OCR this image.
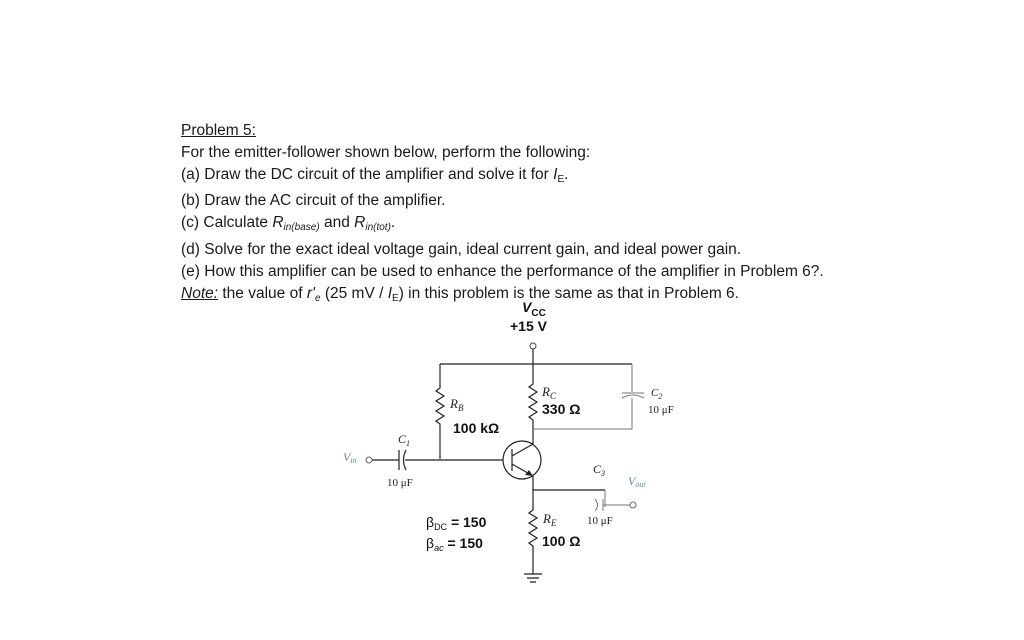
Problem 5:
For the emitter-follower shown below, perform the following:
(a) Draw the DC circuit of the amplifier and solve it for $I_E$.
(b) Draw the AC circuit of the amplifier.
(c) Calculate $R_{in(base)}$ and $R_{in(tot)}$.
(d) Solve for the exact ideal voltage gain, ideal current gain, and ideal power gain.
(e) How this amplifier can be used to enhance the performance of the amplifier in Problem 6?.
Note: the value of $r'_e$ (25 mV / $I_E$) in this problem is the same as that in Problem 6.
$V_{CC}$
+15 V
$R_B$
100 kΩ
$R_C$
330 Ω
$C_2$
10 μF
Vin
$C_1$
10 μF
$R_E$
100 Ω
$C_3$
Vout
10 μF
$\beta_{DC} = 150$
$\beta_{ac} = 150$
